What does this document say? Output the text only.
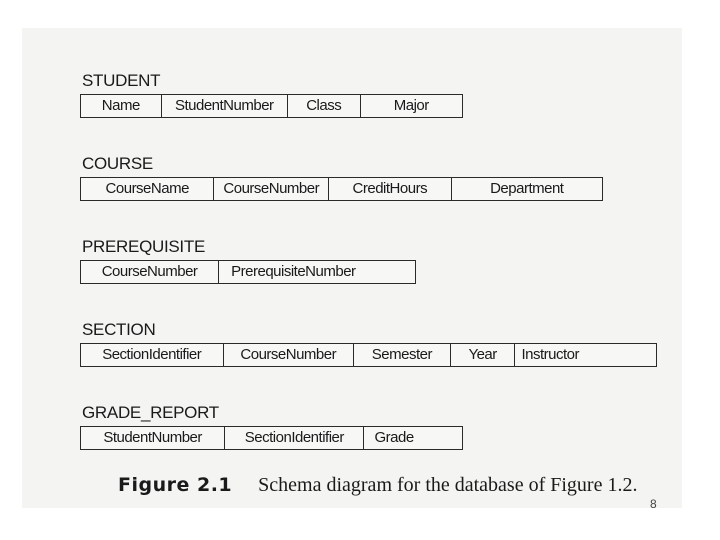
STUDENT
Name	StudentNumber	Class	Major
COURSE
CourseName	CourseNumber	CreditHours	Department
PREREQUISITE
CourseNumber	PrerequisiteNumber
SECTION
SectionIdentifier	CourseNumber	Semester	Year	Instructor
GRADE_REPORT
StudentNumber	SectionIdentifier	Grade
Figure 2.1 Schema diagram for the database of Figure 1.2.
8
